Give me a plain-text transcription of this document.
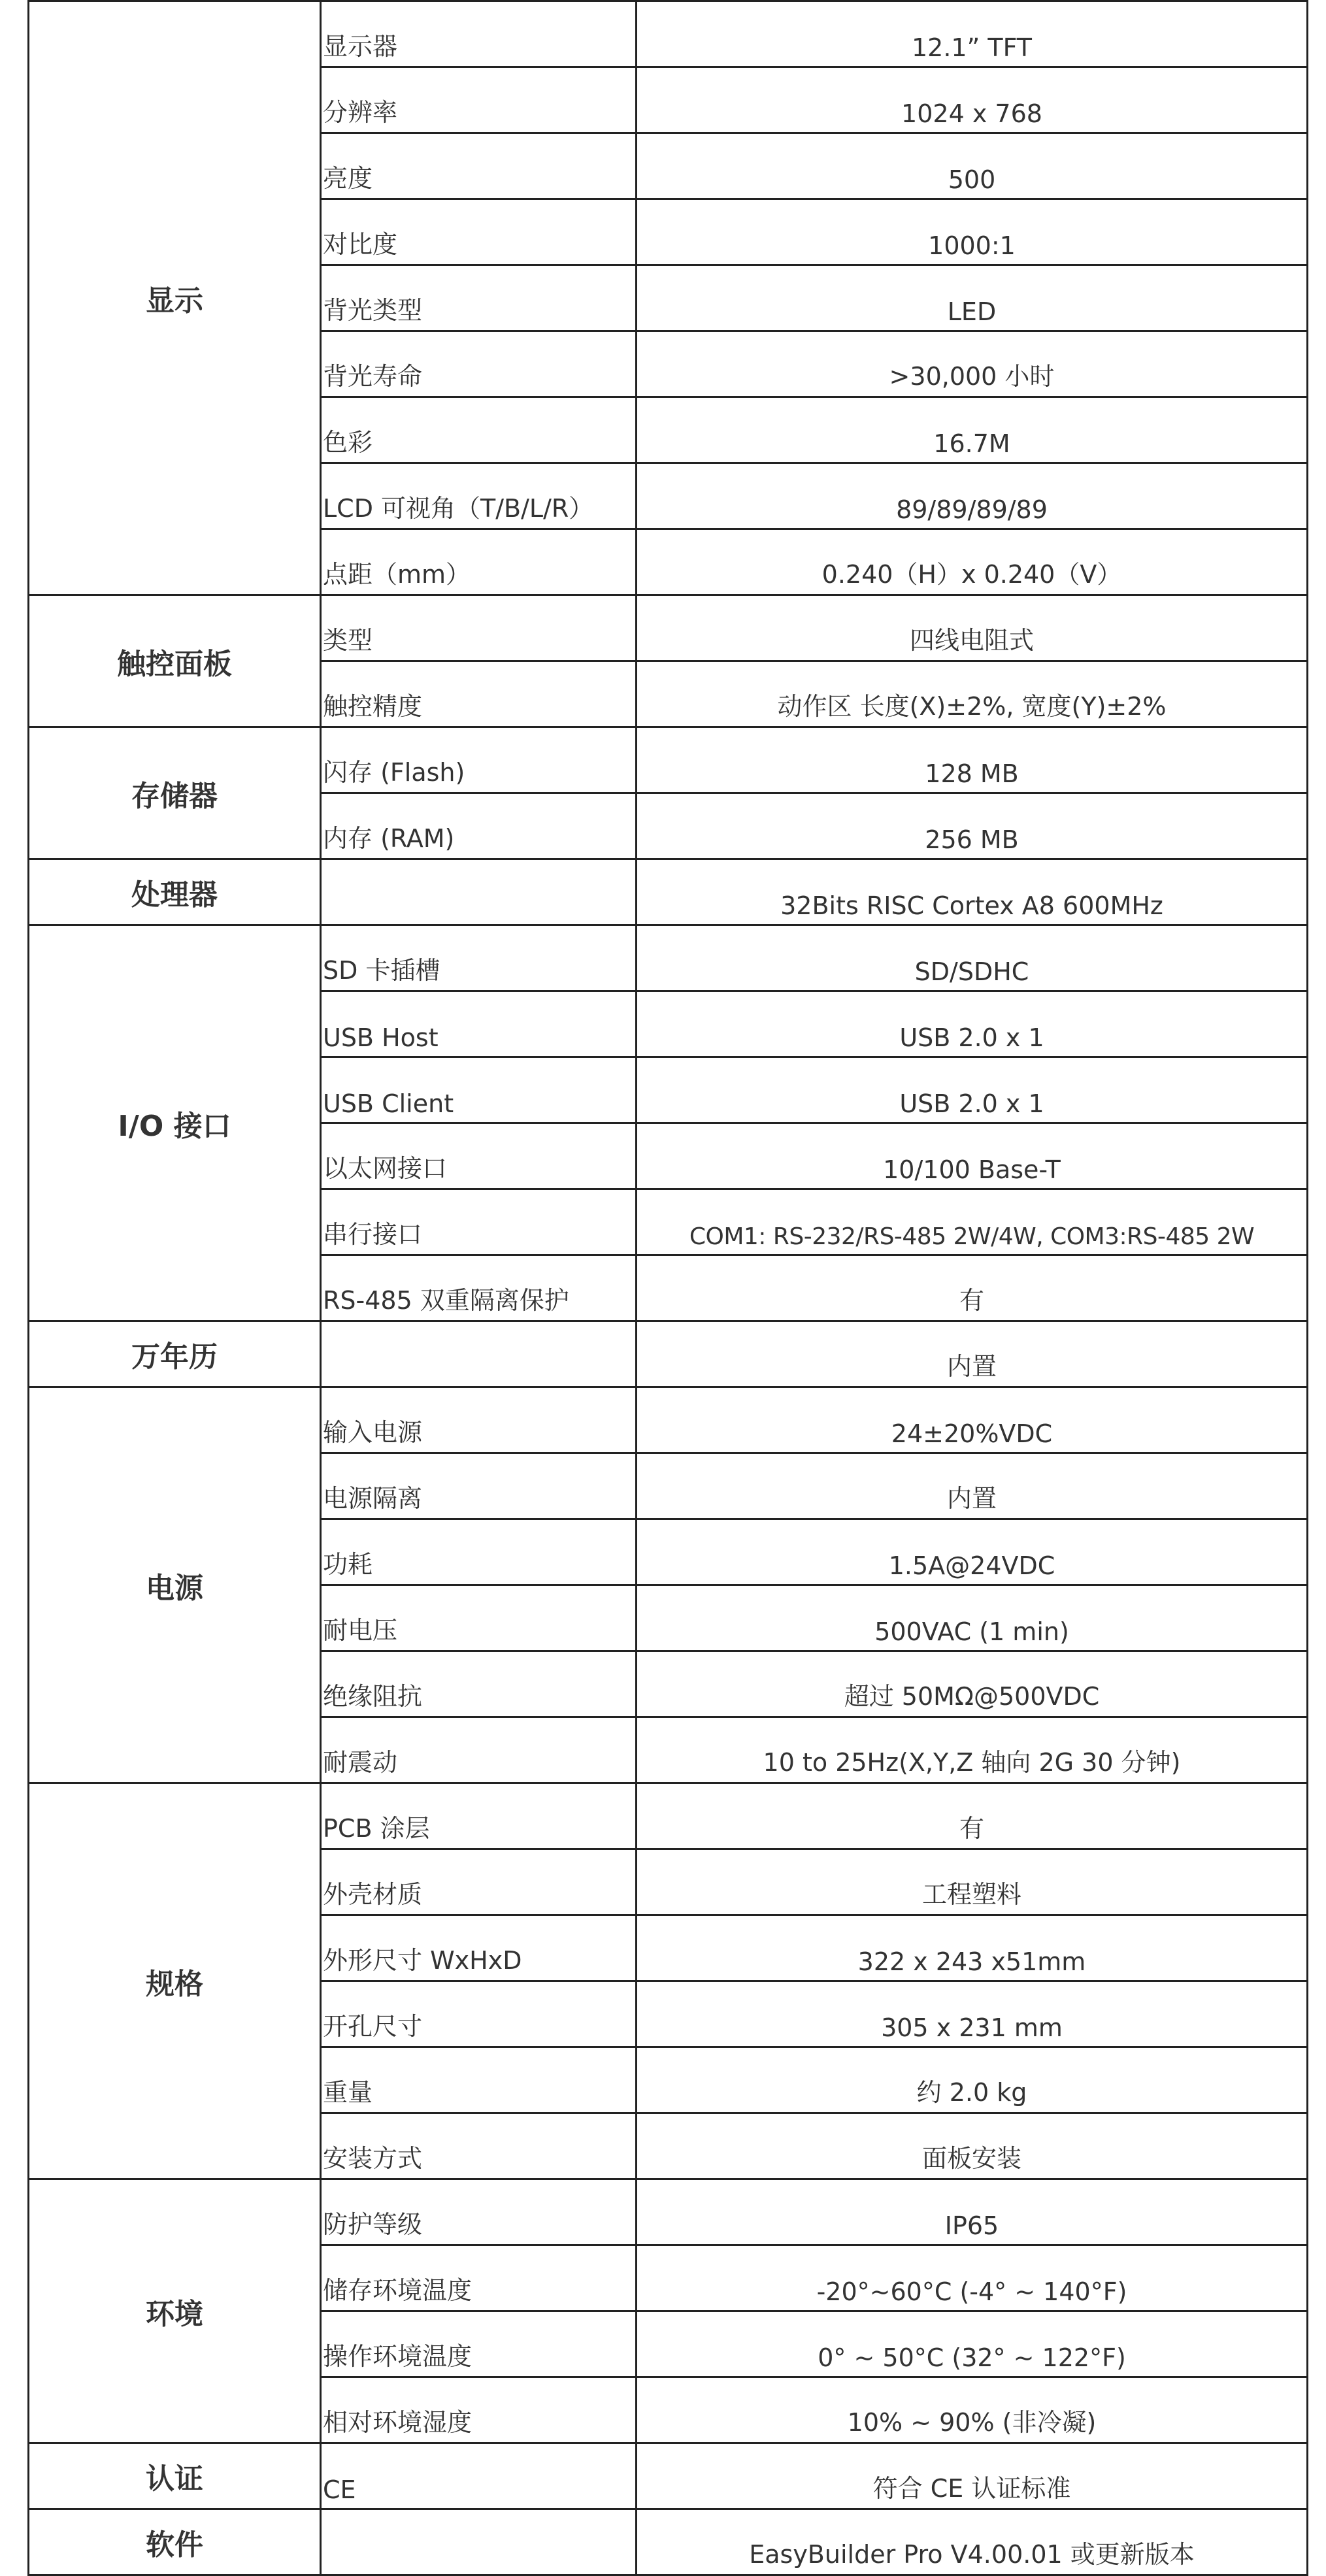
显示	显示器	12.1” TFT
	分辨率	1024 x 768
	亮度	500
	对比度	1000:1
	背光类型	LED
	背光寿命	>30,000 小时
	色彩	16.7M
	LCD 可视角（T/B/L/R）	89/89/89/89
	点距（mm）	0.240（H）x 0.240（V）
触控面板	类型	四线电阻式
	触控精度	动作区 长度(X)±2%, 宽度(Y)±2%
存储器	闪存 (Flash)	128 MB
	内存 (RAM)	256 MB
处理器		32Bits RISC Cortex A8 600MHz
I/O 接口	SD 卡插槽	SD/SDHC
	USB Host	USB 2.0 x 1
	USB Client	USB 2.0 x 1
	以太网接口	10/100 Base-T
	串行接口	COM1: RS-232/RS-485 2W/4W, COM3:RS-485 2W
	RS-485 双重隔离保护	有
万年历		内置
电源	输入电源	24±20%VDC
	电源隔离	内置
	功耗	1.5A@24VDC
	耐电压	500VAC (1 min)
	绝缘阻抗	超过 50MΩ@500VDC
	耐震动	10 to 25Hz(X,Y,Z 轴向 2G 30 分钟)
规格	PCB 涂层	有
	外壳材质	工程塑料
	外形尺寸 WxHxD	322 x 243 x51mm
	开孔尺寸	305 x 231 mm
	重量	约 2.0 kg
	安装方式	面板安装
环境	防护等级	IP65
	储存环境温度	-20°~60°C (-4° ~ 140°F)
	操作环境温度	0° ~ 50°C (32° ~ 122°F)
	相对环境湿度	10% ~ 90% (非冷凝)
认证	CE	符合 CE 认证标准
软件		EasyBuilder Pro V4.00.01 或更新版本
